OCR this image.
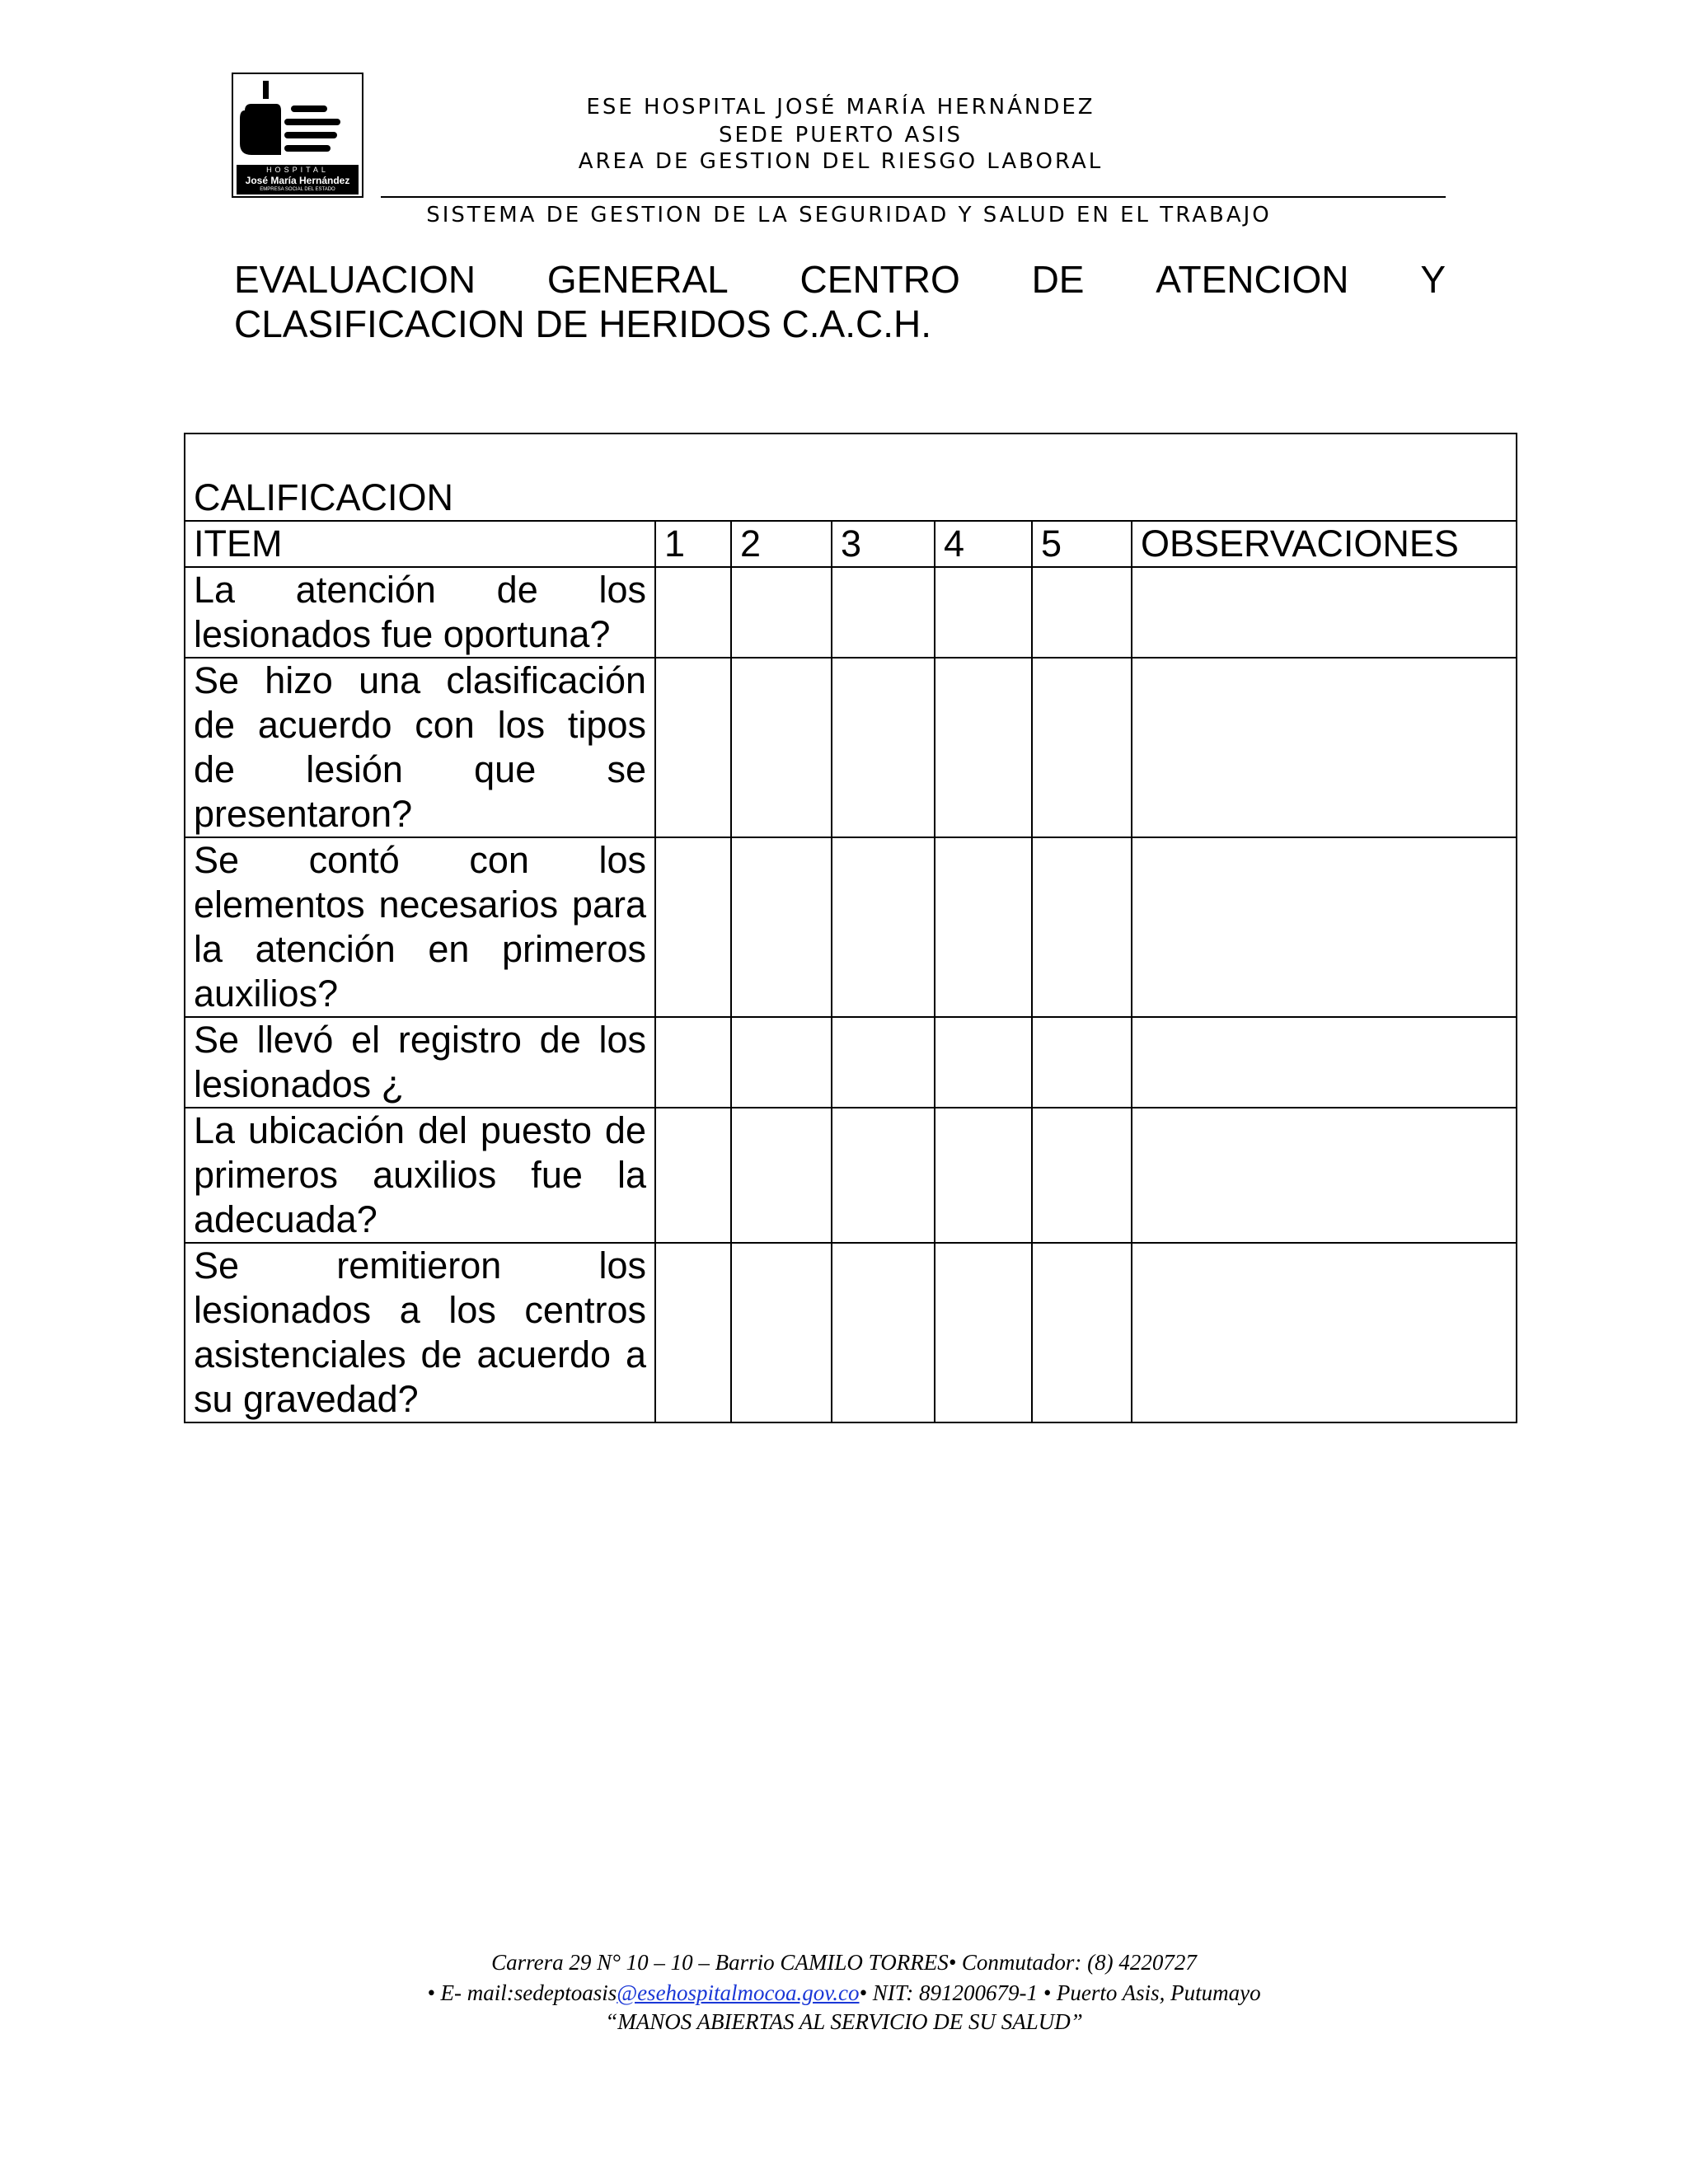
HOSPITAL
José María Hernández
EMPRESA SOCIAL DEL ESTADO
ESE HOSPITAL JOSÉ MARÍA HERNÁNDEZ
SEDE PUERTO ASIS
AREA DE GESTION DEL RIESGO LABORAL
SISTEMA DE GESTION DE LA SEGURIDAD Y SALUD EN EL TRABAJO
EVALUACION GENERAL CENTRO DE ATENCION Y
CLASIFICACION DE HERIDOS C.A.C.H.
CALIFICACION						
ITEM	1	2	3	4	5	OBSERVACIONES
La atención de los lesionados fue oportuna?						
Se hizo una clasificación de acuerdo con los tipos de lesión que se presentaron?						
Se contó con los elementos necesarios para la atención en primeros auxilios?						
Se llevó el registro de los lesionados ¿						
La ubicación del puesto de primeros auxilios fue la adecuada?						
Se remitieron los lesionados a los centros asistenciales de acuerdo a su gravedad?						
Carrera 29 N° 10 – 10 – Barrio CAMILO TORRES• Conmutador: (8) 4220727
• E- mail:sedeptoasis@esehospitalmocoa.gov.co• NIT: 891200679-1 • Puerto Asis, Putumayo
“MANOS ABIERTAS AL SERVICIO DE SU SALUD”
